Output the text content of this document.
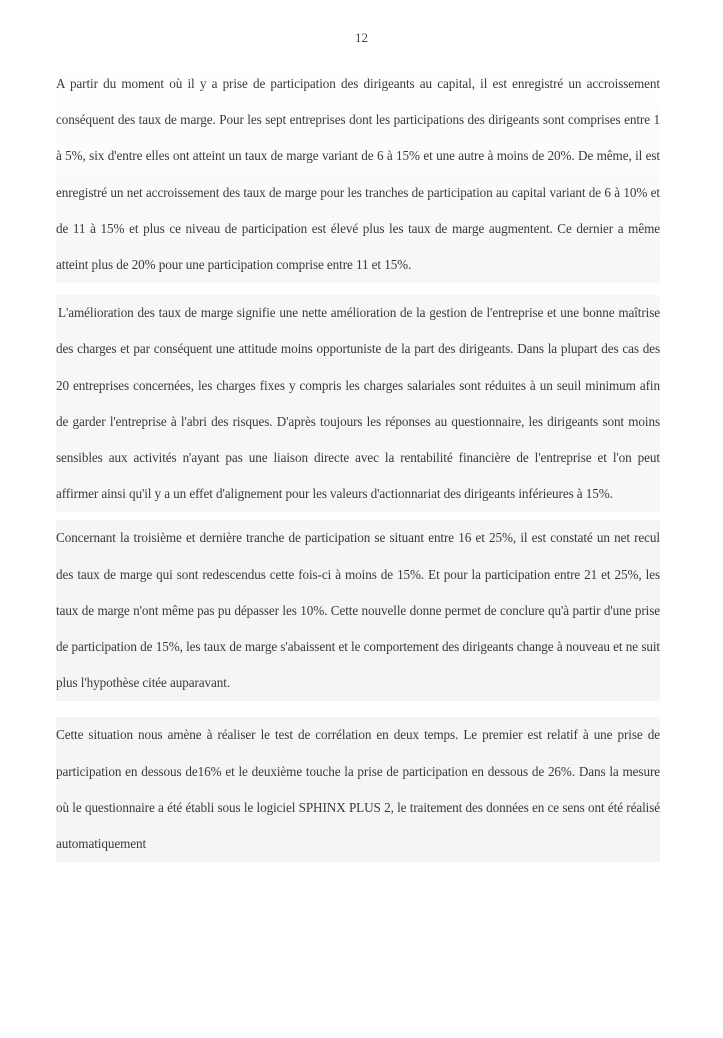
12

A partir du moment où il y a prise de participation des dirigeants au capital, il est enregistré un accroissement conséquent des taux de marge. Pour les sept entreprises dont les participations des dirigeants sont comprises entre 1 à 5%, six d'entre elles ont atteint un taux de marge variant de 6 à 15% et une autre à moins de 20%. De même, il est enregistré un net accroissement des taux de marge pour les tranches de participation au capital variant de 6 à 10% et de 11 à 15% et plus ce niveau de participation est élevé plus les taux de marge augmentent. Ce dernier a même atteint plus de 20% pour une participation comprise entre 11 et 15%.

L'amélioration des taux de marge signifie une nette amélioration de la gestion de l'entreprise et une bonne maîtrise des charges et par conséquent une attitude moins opportuniste de la part des dirigeants. Dans la plupart des cas des 20 entreprises concernées, les charges fixes y compris les charges salariales sont réduites à un seuil minimum afin de garder l'entreprise à l'abri des risques. D'après toujours les réponses au questionnaire, les dirigeants sont moins sensibles aux activités n'ayant pas une liaison directe avec la rentabilité financière de l'entreprise et l'on peut affirmer ainsi qu'il y a un effet d'alignement pour les valeurs d'actionnariat des dirigeants inférieures à 15%.

Concernant la troisième et dernière tranche de participation se situant entre 16 et 25%, il est constaté un net recul des taux de marge qui sont redescendus cette fois-ci à moins de 15%. Et pour la participation entre 21 et 25%, les taux de marge n'ont même pas pu dépasser les 10%. Cette nouvelle donne permet de conclure qu'à partir d'une prise de participation de 15%, les taux de marge s'abaissent et le comportement des dirigeants change à nouveau et ne suit plus l'hypothèse citée auparavant.

Cette situation nous amène à réaliser le test de corrélation en deux temps. Le premier est relatif à une prise de participation en dessous de16% et le deuxième touche la prise de participation en dessous de 26%. Dans la mesure où le questionnaire a été établi sous le logiciel SPHINX PLUS 2, le traitement des données en ce sens ont été réalisé automatiquement
